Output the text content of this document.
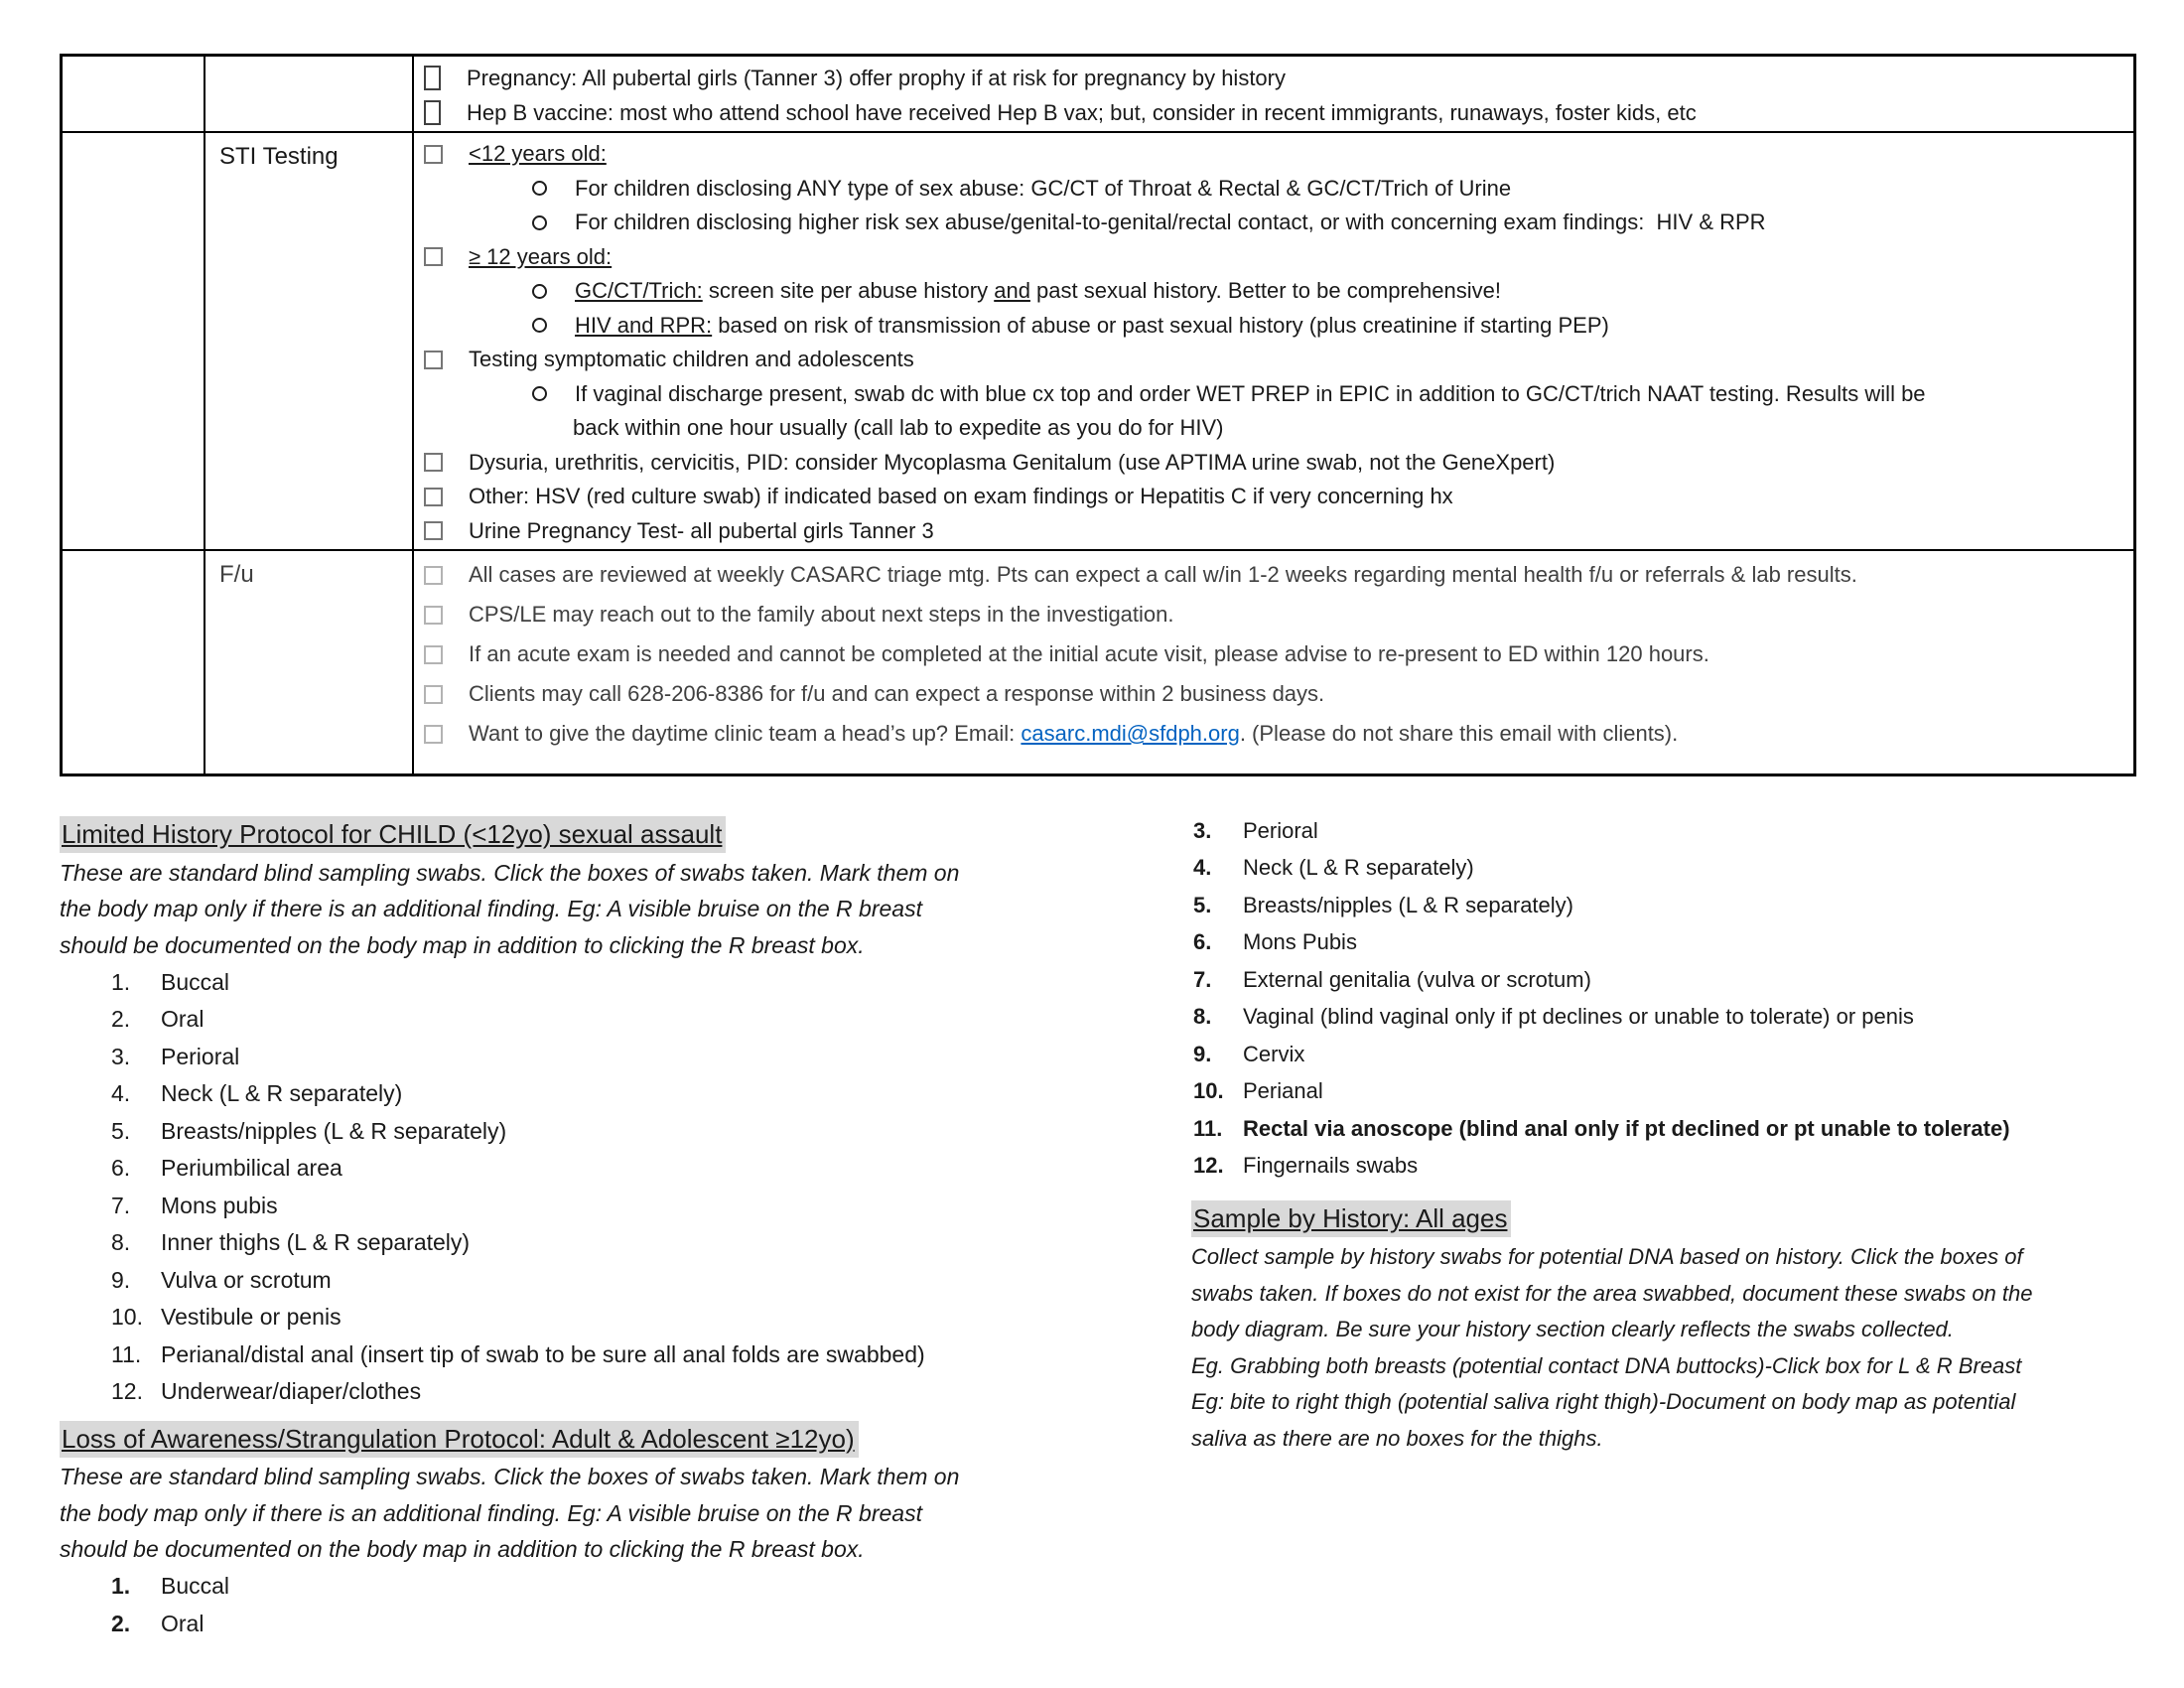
Pregnancy: All pubertal girls (Tanner 3) offer prophy if at risk for pregnancy by history
Hep B vaccine: most who attend school have received Hep B vax; but, consider in recent immigrants, runaways, foster kids, etc
STI Testing	<12 years old:
For children disclosing ANY type of sex abuse: GC/CT of Throat & Rectal & GC/CT/Trich of Urine
For children disclosing higher risk sex abuse/genital-to-genital/rectal contact, or with concerning exam findings:  HIV & RPR
≥ 12 years old:
GC/CT/Trich: screen site per abuse history and past sexual history. Better to be comprehensive!
HIV and RPR: based on risk of transmission of abuse or past sexual history (plus creatinine if starting PEP)
Testing symptomatic children and adolescents
If vaginal discharge present, swab dc with blue cx top and order WET PREP in EPIC in addition to GC/CT/trich NAAT testing. Results will be
back within one hour usually (call lab to expedite as you do for HIV)
Dysuria, urethritis, cervicitis, PID: consider Mycoplasma Genitalum (use APTIMA urine swab, not the GeneXpert)
Other: HSV (red culture swab) if indicated based on exam findings or Hepatitis C if very concerning hx
Urine Pregnancy Test- all pubertal girls Tanner 3
F/u	All cases are reviewed at weekly CASARC triage mtg. Pts can expect a call w/in 1-2 weeks regarding mental health f/u or referrals & lab results.
CPS/LE may reach out to the family about next steps in the investigation.
If an acute exam is needed and cannot be completed at the initial acute visit, please advise to re-present to ED within 120 hours.
Clients may call 628-206-8386 for f/u and can expect a response within 2 business days.
Want to give the daytime clinic team a head’s up? Email: casarc.mdi@sfdph.org. (Please do not share this email with clients).
Limited History Protocol for CHILD (<12yo) sexual assault
These are standard blind sampling swabs. Click the boxes of swabs taken. Mark them on
the body map only if there is an additional finding. Eg: A visible bruise on the R breast
should be documented on the body map in addition to clicking the R breast box.
1.	Buccal
2.	Oral
3.	Perioral
4.	Neck (L & R separately)
5.	Breasts/nipples (L & R separately)
6.	Periumbilical area
7.	Mons pubis
8.	Inner thighs (L & R separately)
9.	Vulva or scrotum
10. Vestibule or penis
11. Perianal/distal anal (insert tip of swab to be sure all anal folds are swabbed)
12. Underwear/diaper/clothes
Loss of Awareness/Strangulation Protocol: Adult & Adolescent ≥12yo)
These are standard blind sampling swabs. Click the boxes of swabs taken. Mark them on
the body map only if there is an additional finding. Eg: A visible bruise on the R breast
should be documented on the body map in addition to clicking the R breast box.
1.	Buccal
2.	Oral
3.	Perioral
4.	Neck (L & R separately)
5.	Breasts/nipples (L & R separately)
6.	Mons Pubis
7.	External genitalia (vulva or scrotum)
8.	Vaginal (blind vaginal only if pt declines or unable to tolerate) or penis
9.	Cervix
10. Perianal
11. Rectal via anoscope (blind anal only if pt declined or pt unable to tolerate)
12. Fingernails swabs
Sample by History: All ages
Collect sample by history swabs for potential DNA based on history. Click the boxes of
swabs taken. If boxes do not exist for the area swabbed, document these swabs on the
body diagram. Be sure your history section clearly reflects the swabs collected.
Eg. Grabbing both breasts (potential contact DNA buttocks)-Click box for L & R Breast
Eg: bite to right thigh (potential saliva right thigh)-Document on body map as potential
saliva as there are no boxes for the thighs.
